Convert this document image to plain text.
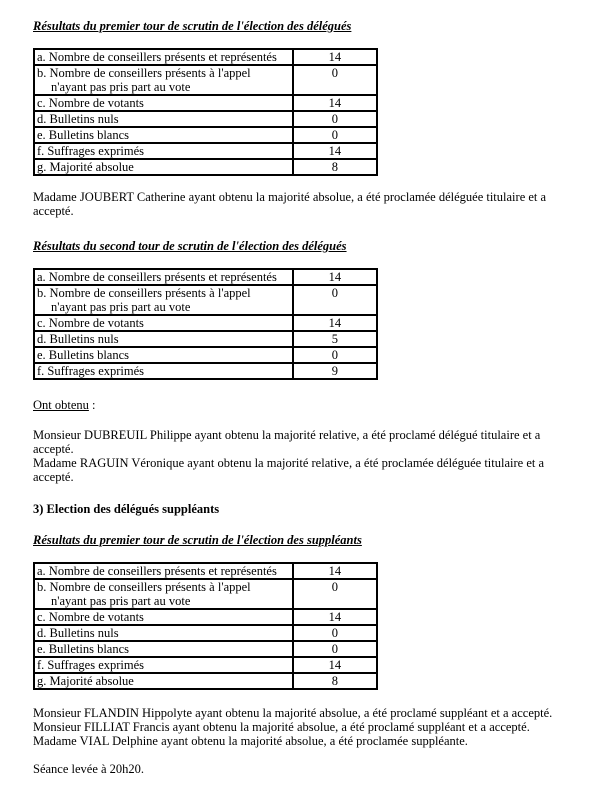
Résultats du premier tour de scrutin de l'élection des délégués

a. Nombre de conseillers présents et représentés	14
b. Nombre de conseillers présents à l'appel
n'ayant pas pris part au vote	0
c. Nombre de votants	14
d. Bulletins nuls	0
e. Bulletins blancs	0
f. Suffrages exprimés	14
g. Majorité absolue	8

Madame JOUBERT Catherine ayant obtenu la majorité absolue, a été proclamée déléguée titulaire et a accepté.

Résultats du second tour de scrutin de l'élection des délégués

a. Nombre de conseillers présents et représentés	14
b. Nombre de conseillers présents à l'appel
n'ayant pas pris part au vote	0
c. Nombre de votants	14
d. Bulletins nuls	5
e. Bulletins blancs	0
f. Suffrages exprimés	9

Ont obtenu :

Monsieur DUBREUIL Philippe ayant obtenu la majorité relative, a été proclamé délégué titulaire et a accepté.

Madame RAGUIN Véronique ayant obtenu la majorité relative, a été proclamée déléguée titulaire et a accepté.

3) Election des délégués suppléants

Résultats du premier tour de scrutin de l'élection des suppléants

a. Nombre de conseillers présents et représentés	14
b. Nombre de conseillers présents à l'appel
n'ayant pas pris part au vote	0
c. Nombre de votants	14
d. Bulletins nuls	0
e. Bulletins blancs	0
f. Suffrages exprimés	14
g. Majorité absolue	8

Monsieur FLANDIN Hippolyte ayant obtenu la majorité absolue, a été proclamé suppléant et a accepté.

Monsieur FILLIAT Francis ayant obtenu la majorité absolue, a été proclamé suppléant et a accepté.

Madame VIAL Delphine ayant obtenu la majorité absolue, a été proclamée suppléante.

Séance levée à 20h20.
